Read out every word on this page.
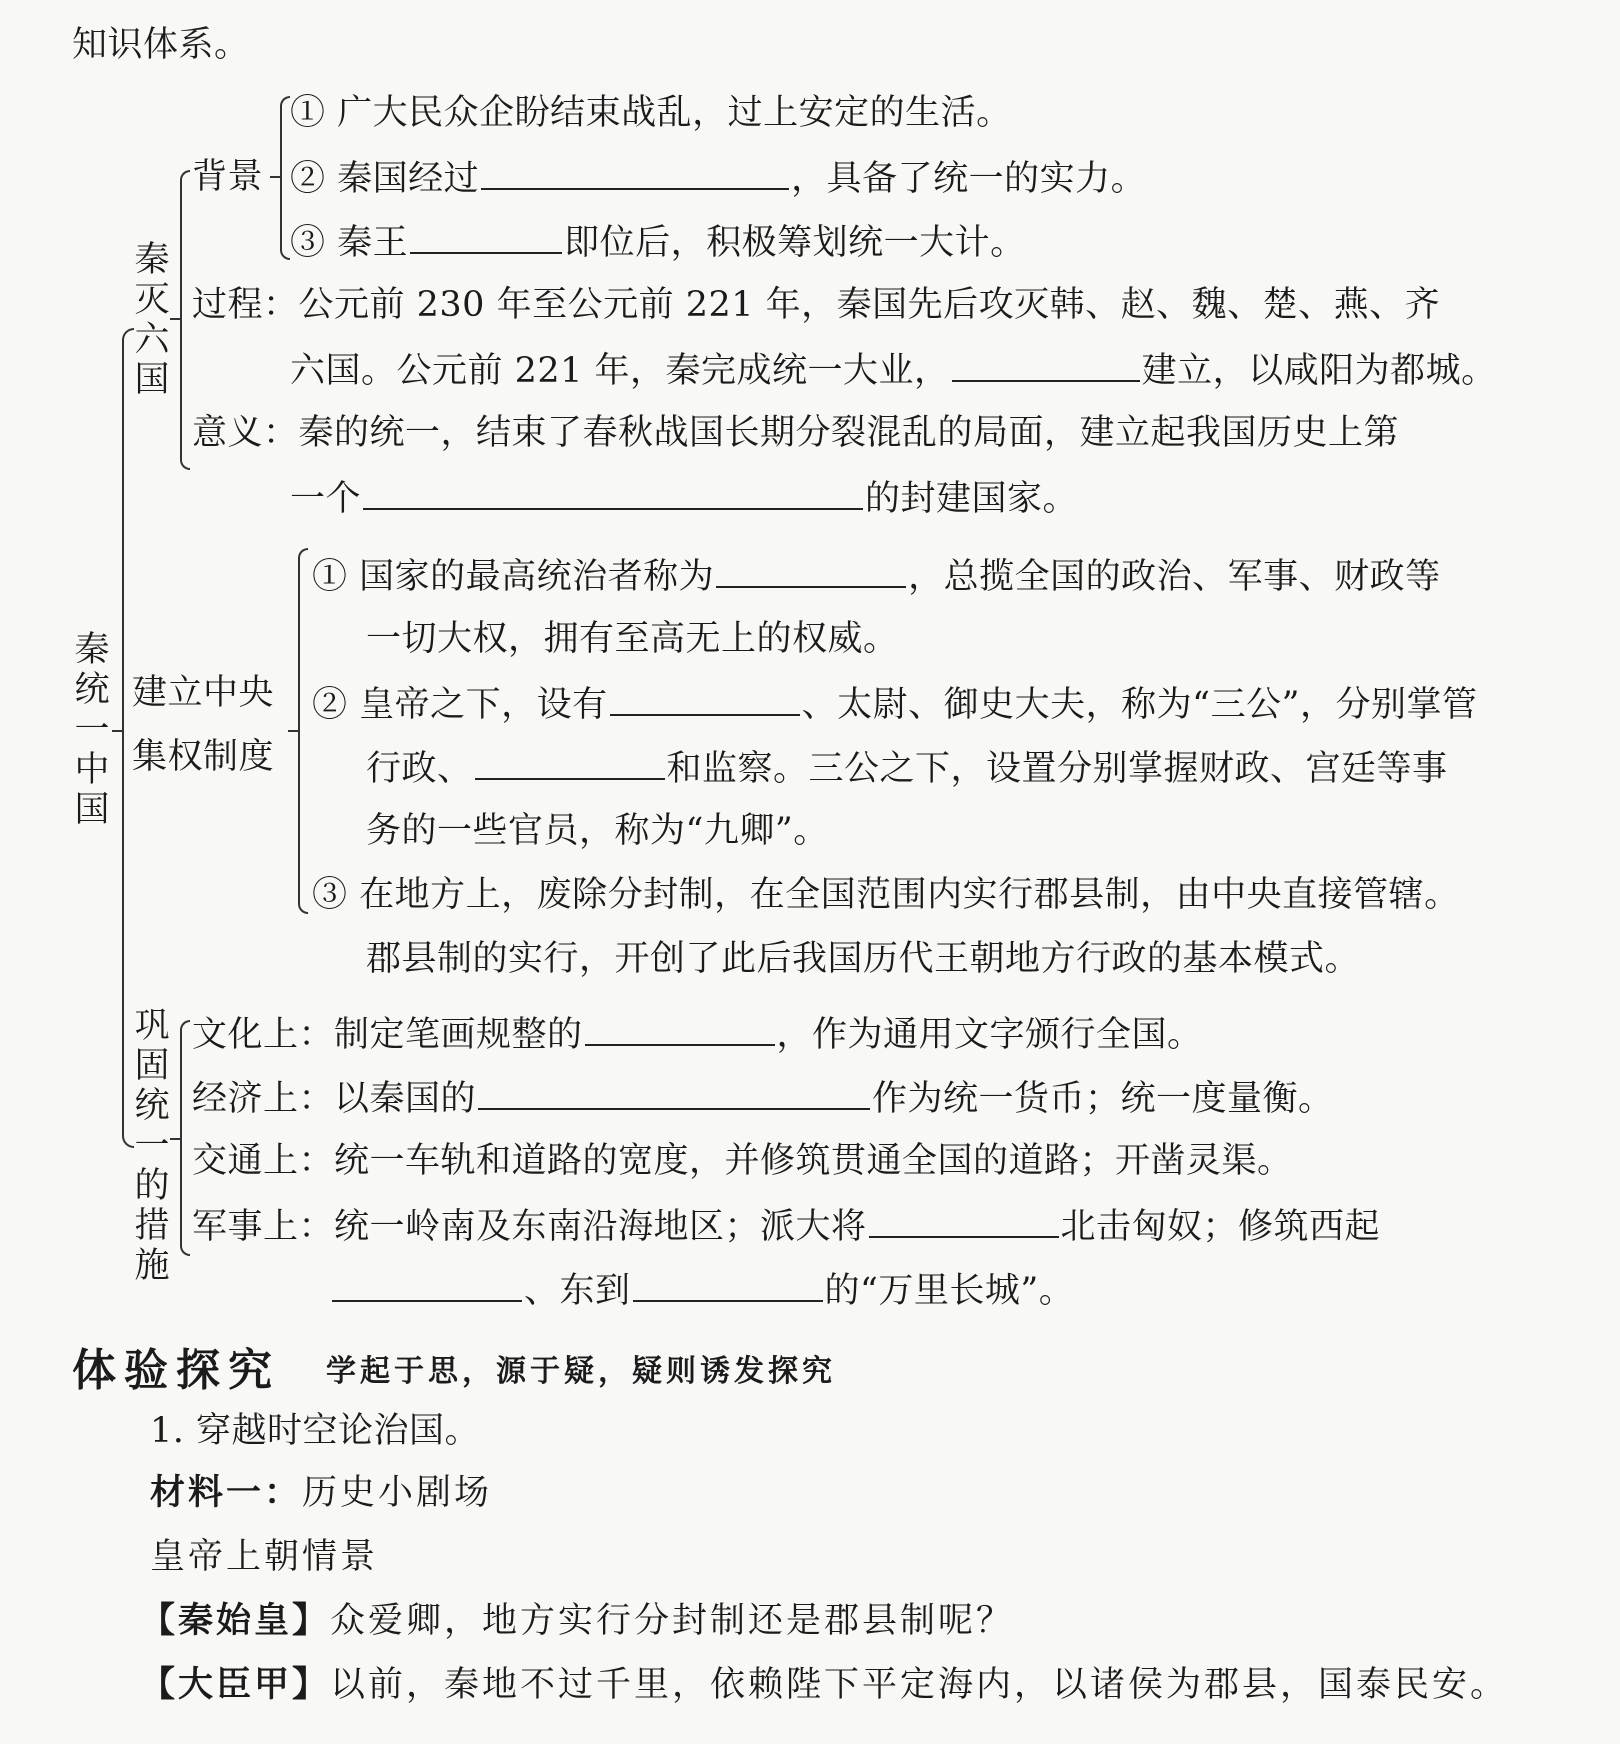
知识体系。
秦统一中国
秦灭六国
背景
① 广大民众企盼结束战乱，过上安定的生活。
② 秦国经过	，具备了统一的实力。
③ 秦王	即位后，积极筹划统一大计。
过程：公元前 230 年至公元前 221 年，秦国先后攻灭韩、赵、魏、楚、燕、齐
六国。公元前 221 年，秦完成统一大业，	建立，以咸阳为都城。
意义：秦的统一，结束了春秋战国长期分裂混乱的局面，建立起我国历史上第
一个	的封建国家。
建立中央
集权制度
① 国家的最高统治者称为	，总揽全国的政治、军事、财政等
一切大权，拥有至高无上的权威。
② 皇帝之下，设有	、太尉、御史大夫，称为“三公”，分别掌管
行政、	和监察。三公之下，设置分别掌握财政、宫廷等事
务的一些官员，称为“九卿”。
③ 在地方上，废除分封制，在全国范围内实行郡县制，由中央直接管辖。
郡县制的实行，开创了此后我国历代王朝地方行政的基本模式。
巩固统一的措施
文化上：制定笔画规整的	，作为通用文字颁行全国。
经济上：以秦国的	作为统一货币；统一度量衡。
交通上：统一车轨和道路的宽度，并修筑贯通全国的道路；开凿灵渠。
军事上：统一岭南及东南沿海地区；派大将	北击匈奴；修筑西起
、东到	的“万里长城”。
体验探究 学起于思，源于疑，疑则诱发探究
1. 穿越时空论治国。
材料一：历史小剧场
皇帝上朝情景
【秦始皇】众爱卿，地方实行分封制还是郡县制呢？
【大臣甲】以前，秦地不过千里，依赖陛下平定海内，以诸侯为郡县，国泰民安。
